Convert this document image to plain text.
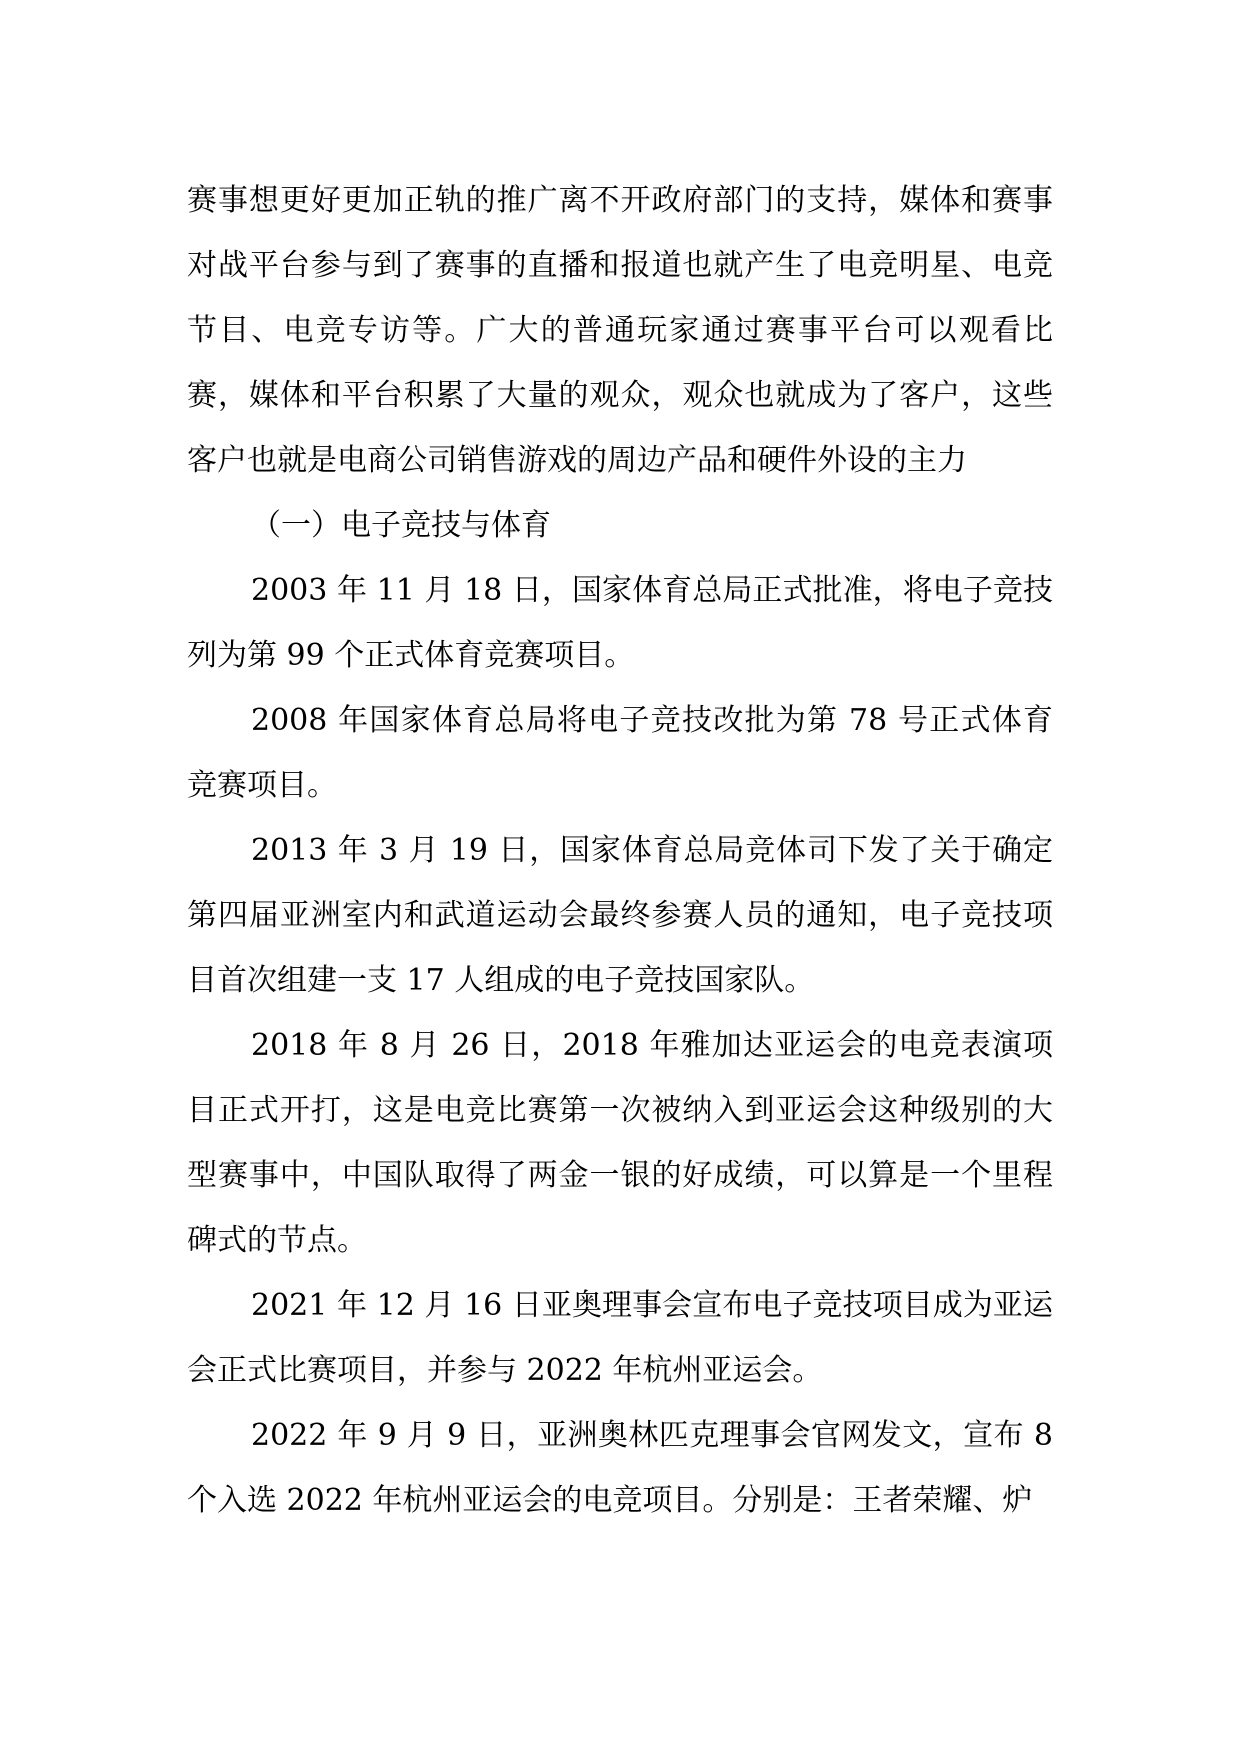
赛事想更好更加正轨的推广离不开政府部门的支持，媒体和赛事对战平台参与到了赛事的直播和报道也就产生了电竞明星、电竞节目、电竞专访等。广大的普通玩家通过赛事平台可以观看比赛，媒体和平台积累了大量的观众，观众也就成为了客户，这些客户也就是电商公司销售游戏的周边产品和硬件外设的主力

（一）电子竞技与体育

2003 年 11 月 18 日，国家体育总局正式批准，将电子竞技列为第 99 个正式体育竞赛项目。

2008 年国家体育总局将电子竞技改批为第 78 号正式体育竞赛项目。

2013 年 3 月 19 日，国家体育总局竞体司下发了关于确定第四届亚洲室内和武道运动会最终参赛人员的通知，电子竞技项目首次组建一支 17 人组成的电子竞技国家队。

2018 年 8 月 26 日，2018 年雅加达亚运会的电竞表演项目正式开打，这是电竞比赛第一次被纳入到亚运会这种级别的大型赛事中，中国队取得了两金一银的好成绩，可以算是一个里程碑式的节点。

2021 年 12 月 16 日亚奥理事会宣布电子竞技项目成为亚运会正式比赛项目，并参与 2022 年杭州亚运会。

2022 年 9 月 9 日，亚洲奥林匹克理事会官网发文，宣布 8 个入选 2022 年杭州亚运会的电竞项目。分别是：王者荣耀、炉
